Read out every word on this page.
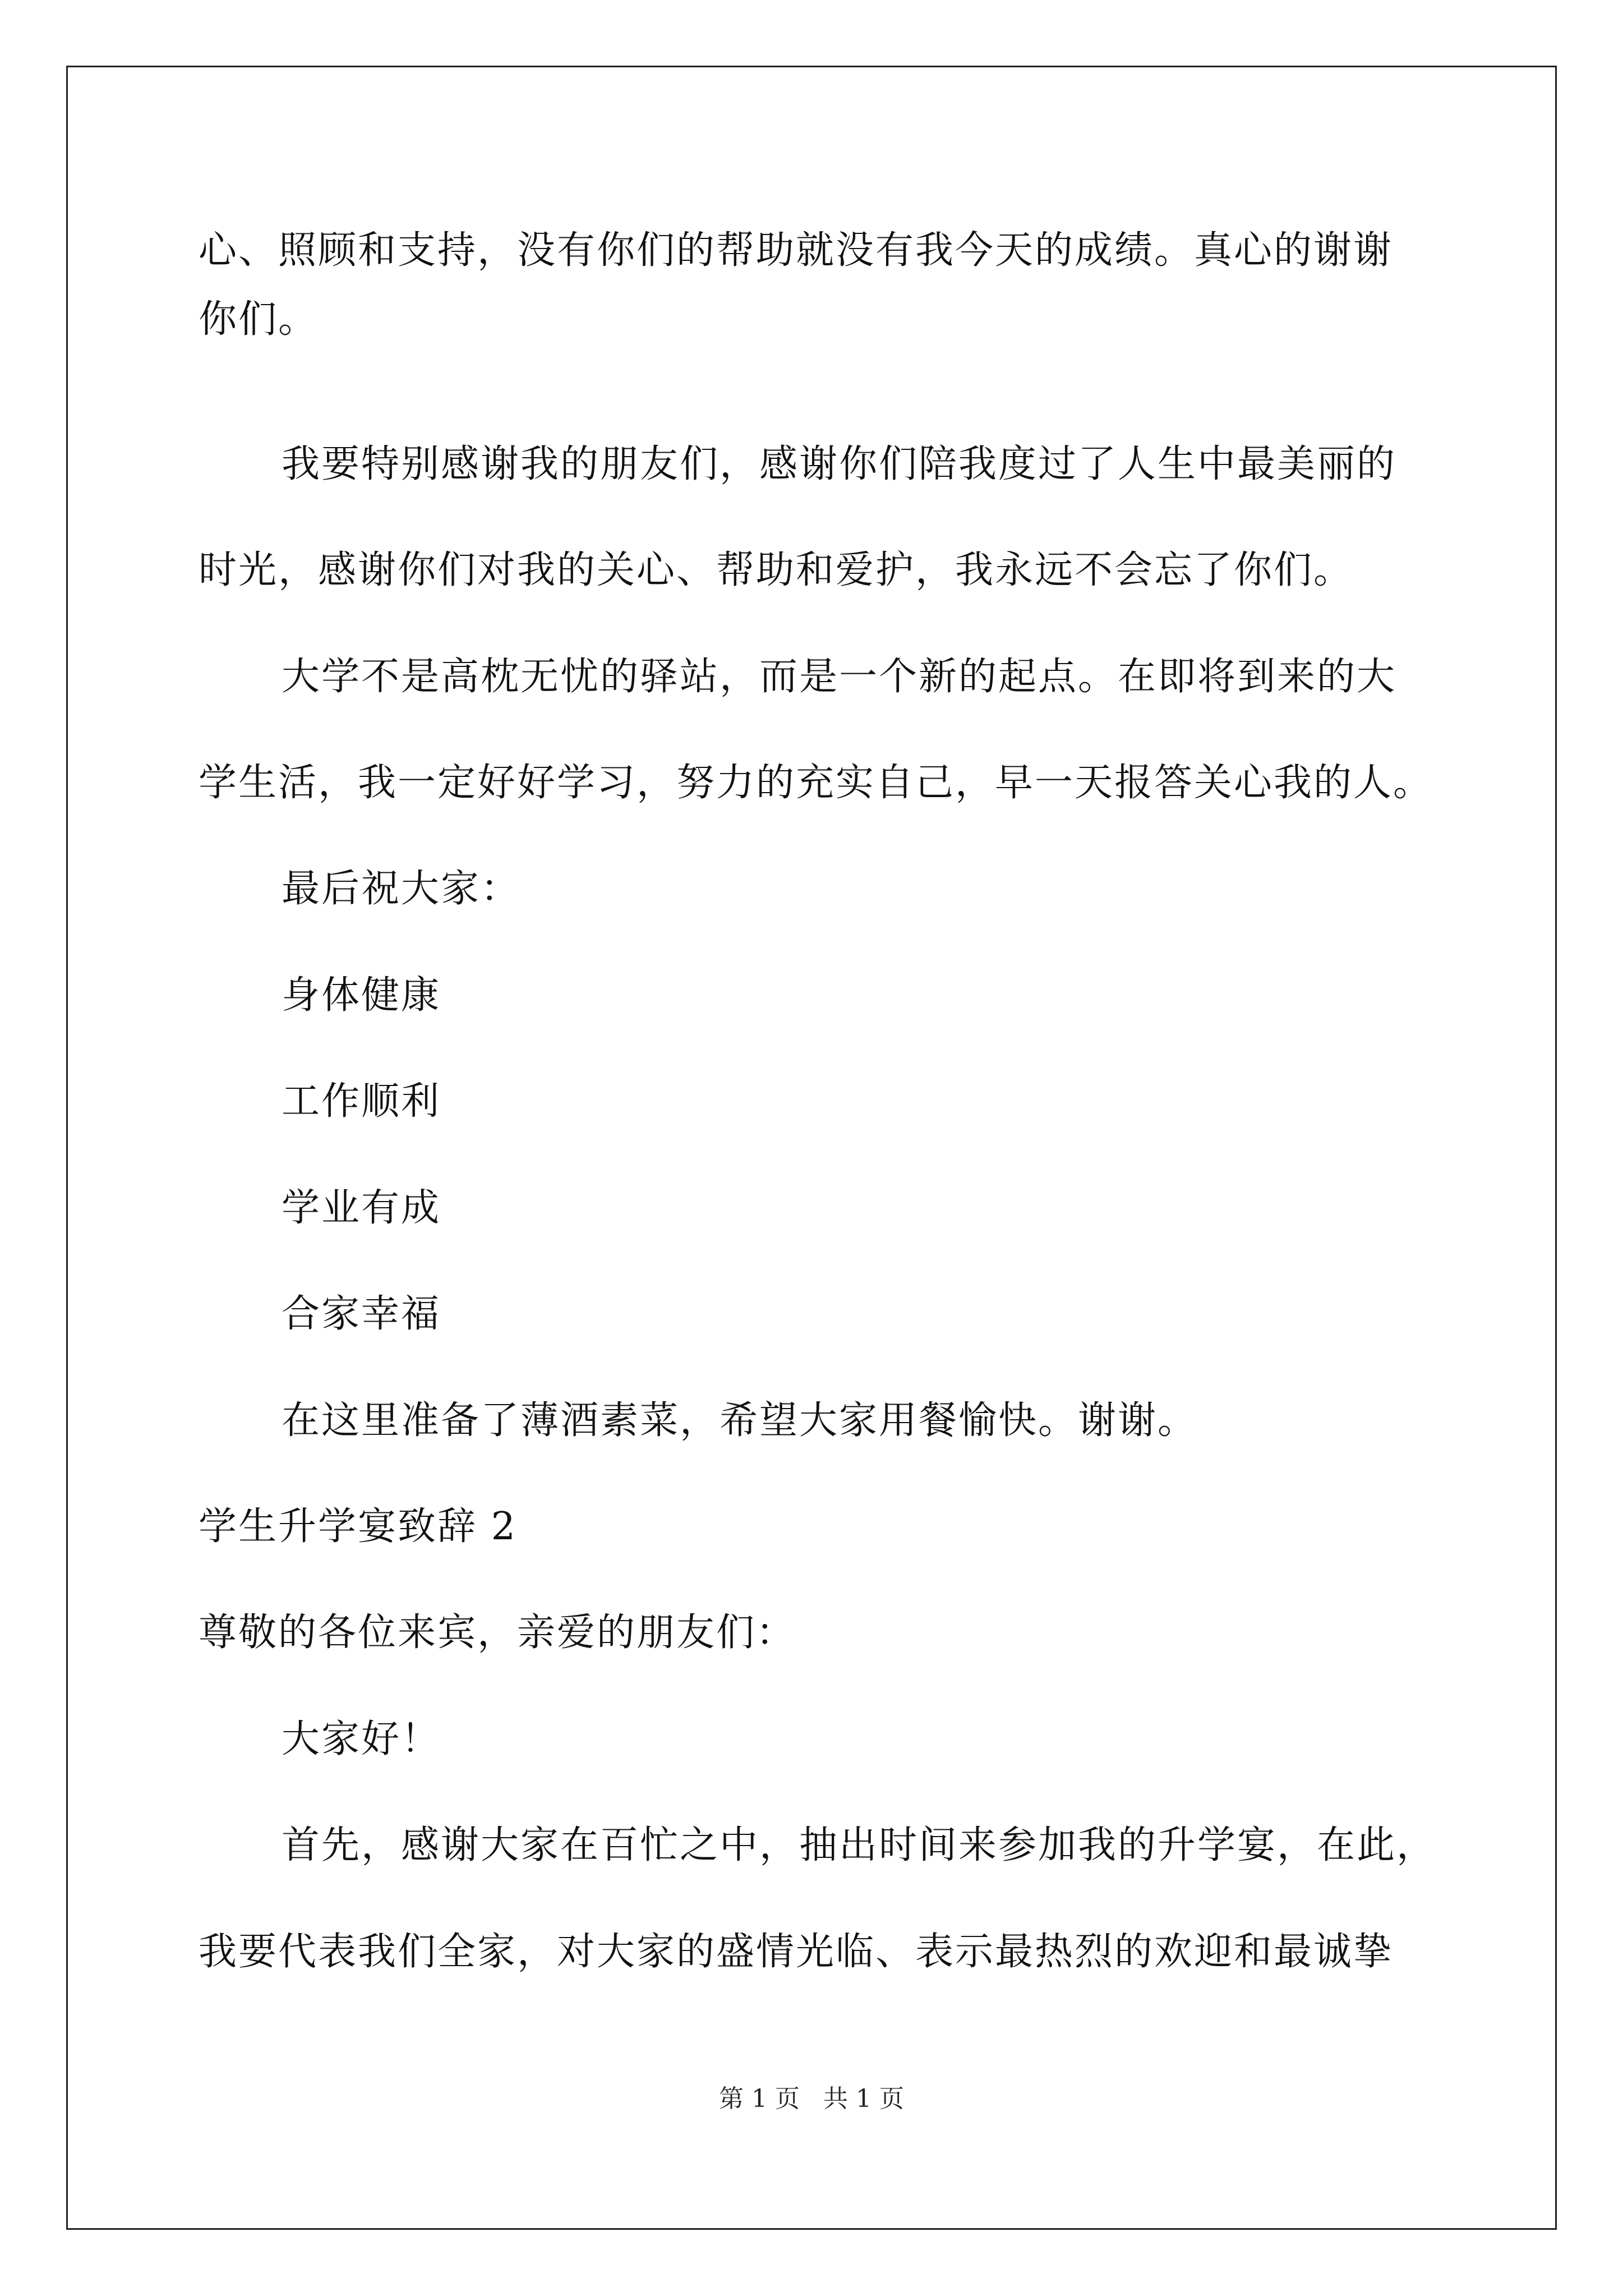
心、照顾和支持，没有你们的帮助就没有我今天的成绩。真心的谢谢
你们。
我要特别感谢我的朋友们，感谢你们陪我度过了人生中最美丽的
时光，感谢你们对我的关心、帮助和爱护，我永远不会忘了你们。
大学不是高枕无忧的驿站，而是一个新的起点。在即将到来的大
学生活，我一定好好学习，努力的充实自己，早一天报答关心我的人。
最后祝大家：
身体健康
工作顺利
学业有成
合家幸福
在这里准备了薄酒素菜，希望大家用餐愉快。谢谢。
学生升学宴致辞 2
尊敬的各位来宾，亲爱的朋友们：
大家好！
首先，感谢大家在百忙之中，抽出时间来参加我的升学宴，在此，
我要代表我们全家，对大家的盛情光临、表示最热烈的欢迎和最诚挚
第 1 页 共 1 页
